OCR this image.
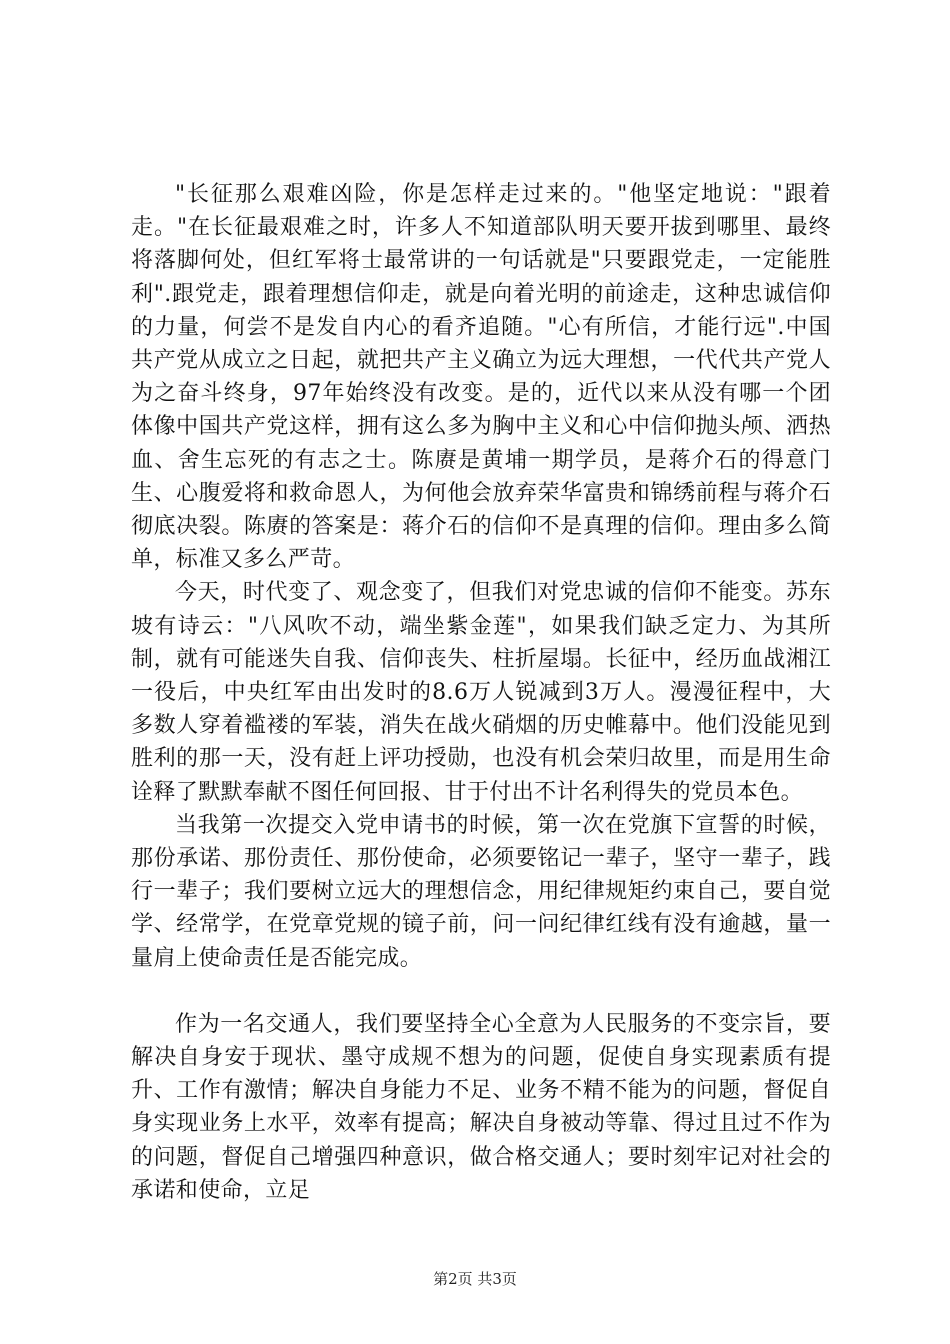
"长征那么艰难凶险，你是怎样走过来的。"他坚定地说："跟着走。"在长征最艰难之时，许多人不知道部队明天要开拔到哪里、最终将落脚何处，但红军将士最常讲的一句话就是"只要跟党走，一定能胜利".跟党走，跟着理想信仰走，就是向着光明的前途走，这种忠诚信仰的力量，何尝不是发自内心的看齐追随。"心有所信，才能行远".中国共产党从成立之日起，就把共产主义确立为远大理想，一代代共产党人为之奋斗终身，97年始终没有改变。是的，近代以来从没有哪一个团体像中国共产党这样，拥有这么多为胸中主义和心中信仰抛头颅、洒热血、舍生忘死的有志之士。陈赓是黄埔一期学员，是蒋介石的得意门生、心腹爱将和救命恩人，为何他会放弃荣华富贵和锦绣前程与蒋介石彻底决裂。陈赓的答案是：蒋介石的信仰不是真理的信仰。理由多么简单，标准又多么严苛。

今天，时代变了、观念变了，但我们对党忠诚的信仰不能变。苏东坡有诗云："八风吹不动，端坐紫金莲"，如果我们缺乏定力、为其所制，就有可能迷失自我、信仰丧失、柱折屋塌。长征中，经历血战湘江一役后，中央红军由出发时的8.6万人锐减到3万人。漫漫征程中，大多数人穿着褴褛的军装，消失在战火硝烟的历史帷幕中。他们没能见到胜利的那一天，没有赶上评功授勋，也没有机会荣归故里，而是用生命诠释了默默奉献不图任何回报、甘于付出不计名利得失的党员本色。

当我第一次提交入党申请书的时候，第一次在党旗下宣誓的时候，那份承诺、那份责任、那份使命，必须要铭记一辈子，坚守一辈子，践行一辈子；我们要树立远大的理想信念，用纪律规矩约束自己，要自觉学、经常学，在党章党规的镜子前，问一问纪律红线有没有逾越，量一量肩上使命责任是否能完成。

作为一名交通人，我们要坚持全心全意为人民服务的不变宗旨，要解决自身安于现状、墨守成规不想为的问题，促使自身实现素质有提升、工作有激情；解决自身能力不足、业务不精不能为的问题，督促自身实现业务上水平，效率有提高；解决自身被动等靠、得过且过不作为的问题，督促自己增强四种意识，做合格交通人；要时刻牢记对社会的承诺和使命，立足

第2页 共3页
